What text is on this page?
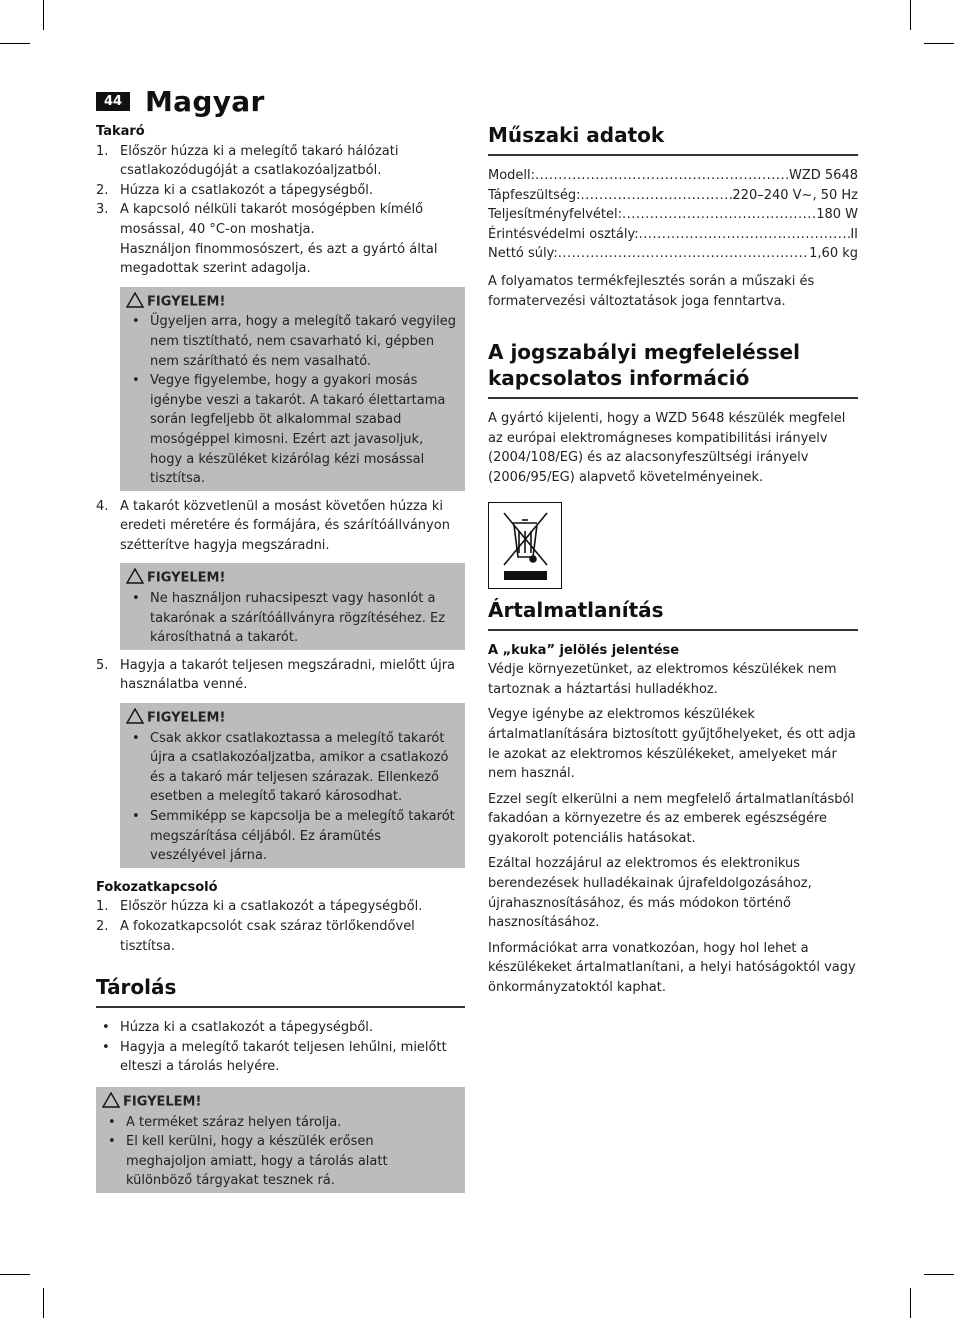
44 Magyar
Takaró
1. Először húzza ki a melegítő takaró hálózati csatlakozódugóját a csatlakozóaljzatból.
2. Húzza ki a csatlakozót a tápegységből.
3. A kapcsoló nélküli takarót mosógépben kímélő mosással, 40 °C-on moshatja.
Használjon finommosószert, és azt a gyártó által megadottak szerint adagolja.
FIGYELEM!
• Ügyeljen arra, hogy a melegítő takaró vegyileg nem tisztítható, nem csavarható ki, gépben nem szárítható és nem vasalható.
• Vegye figyelembe, hogy a gyakori mosás igénybe veszi a takarót. A takaró élettartama során legfeljebb öt alkalommal szabad mosógéppel kimosni. Ezért azt javasoljuk, hogy a készüléket kizárólag kézi mosással tisztítsa.
4. A takarót közvetlenül a mosást követően húzza ki eredeti méretére és formájára, és szárítóállványon szétterítve hagyja megszáradni.
FIGYELEM!
• Ne használjon ruhacsipeszt vagy hasonlót a takarónak a szárítóállványra rögzítéséhez. Ez károsíthatná a takarót.
5. Hagyja a takarót teljesen megszáradni, mielőtt újra használatba venné.
FIGYELEM!
• Csak akkor csatlakoztassa a melegítő takarót újra a csatlakozóaljzatba, amikor a csatlakozó és a takaró már teljesen szárazak. Ellenkező esetben a melegítő takaró károsodhat.
• Semmiképp se kapcsolja be a melegítő takarót megszárítása céljából. Ez áramütés veszélyével járna.
Fokozatkapcsoló
1. Először húzza ki a csatlakozót a tápegységből.
2. A fokozatkapcsolót csak száraz törlőkendővel tisztítsa.
Tárolás
• Húzza ki a csatlakozót a tápegységből.
• Hagyja a melegítő takarót teljesen lehűlni, mielőtt elteszi a tárolás helyére.
FIGYELEM!
• A terméket száraz helyen tárolja.
• El kell kerülni, hogy a készülék erősen meghajoljon amiatt, hogy a tárolás alatt különböző tárgyakat tesznek rá.
Műszaki adatok
Modell: .....	WZD 5648
Tápfeszültség: .....	220–240 V~, 50 Hz
Teljesítményfelvétel: .....	180 W
Érintésvédelmi osztály: .....	II
Nettó súly: .....	1,60 kg

A folyamatos termékfejlesztés során a műszaki és formatervezési változtatások joga fenntartva.

A jogszabályi megfeleléssel kapcsolatos információ

A gyártó kijelenti, hogy a WZD 5648 készülék megfelel az európai elektromágneses kompatibilitási irányelv (2004/108/EG) és az alacsonyfeszültségi irányelv (2006/95/EG) alapvető követelményeinek.

Ártalmatlanítás
A „kuka” jelölés jelentése

Védje környezetünket, az elektromos készülékek nem tartoznak a háztartási hulladékhoz.

Vegye igénybe az elektromos készülékek ártalmatlanítására biztosított gyűjtőhelyeket, és ott adja le azokat az elektromos készülékeket, amelyeket már nem használ.

Ezzel segít elkerülni a nem megfelelő ártalmatlanításból fakadóan a környezetre és az emberek egészségére gyakorolt potenciális hatásokat.

Ezáltal hozzájárul az elektromos és elektronikus berendezések hulladékainak újrafeldolgozásához, újrahasznosításához, és más módokon történő hasznosításához.

Információkat arra vonatkozóan, hogy hol lehet a készülékeket ártalmatlanítani, a helyi hatóságoktól vagy önkormányzatoktól kaphat.
